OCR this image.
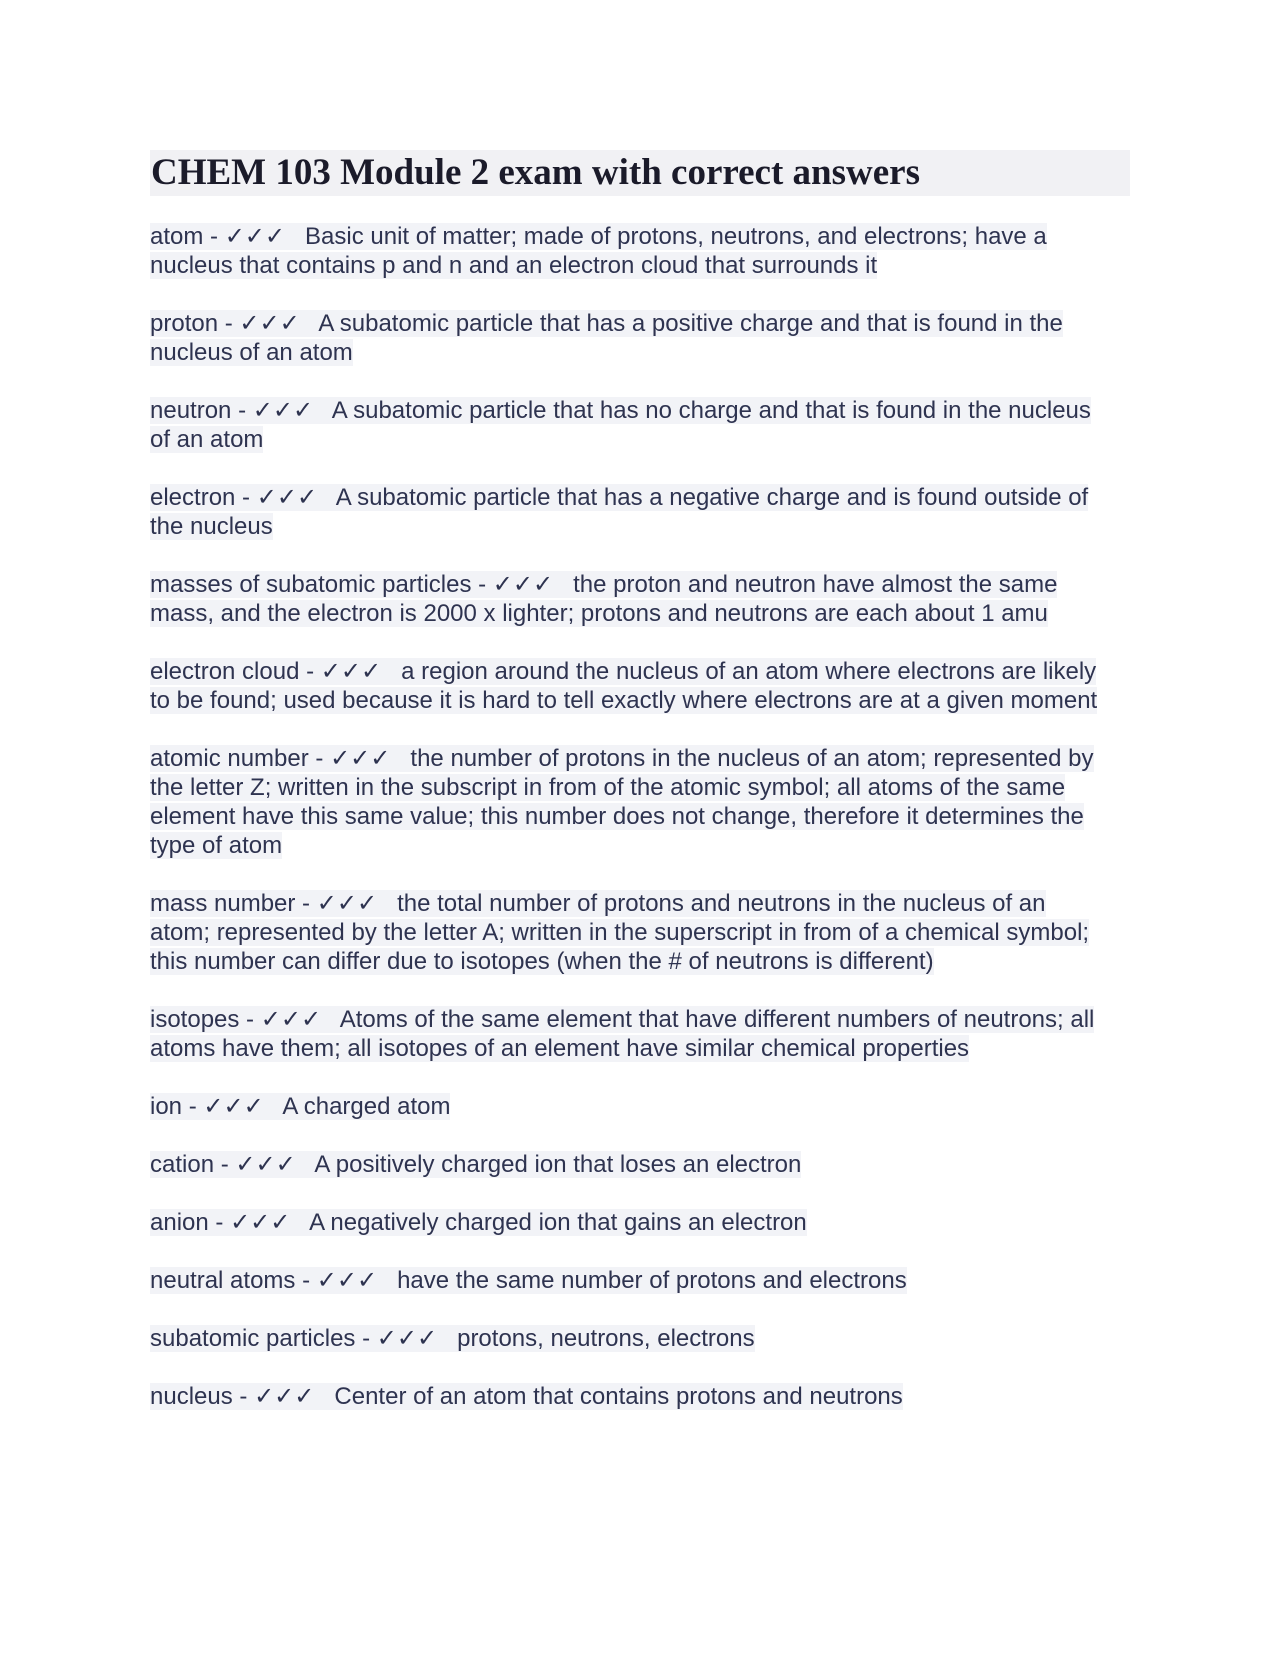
CHEM 103 Module 2 exam with correct answers
atom - ✓✓✓   Basic unit of matter; made of protons, neutrons, and electrons; have a nucleus that contains p and n and an electron cloud that surrounds it
proton - ✓✓✓   A subatomic particle that has a positive charge and that is found in the nucleus of an atom
neutron - ✓✓✓   A subatomic particle that has no charge and that is found in the nucleus of an atom
electron - ✓✓✓   A subatomic particle that has a negative charge and is found outside of the nucleus
masses of subatomic particles - ✓✓✓   the proton and neutron have almost the same mass, and the electron is 2000 x lighter; protons and neutrons are each about 1 amu
electron cloud - ✓✓✓   a region around the nucleus of an atom where electrons are likely to be found; used because it is hard to tell exactly where electrons are at a given moment
atomic number - ✓✓✓   the number of protons in the nucleus of an atom; represented by the letter Z; written in the subscript in from of the atomic symbol; all atoms of the same element have this same value; this number does not change, therefore it determines the type of atom
mass number - ✓✓✓   the total number of protons and neutrons in the nucleus of an atom; represented by the letter A; written in the superscript in from of a chemical symbol; this number can differ due to isotopes (when the # of neutrons is different)
isotopes - ✓✓✓   Atoms of the same element that have different numbers of neutrons; all atoms have them; all isotopes of an element have similar chemical properties
ion - ✓✓✓   A charged atom
cation - ✓✓✓   A positively charged ion that loses an electron
anion - ✓✓✓   A negatively charged ion that gains an electron
neutral atoms - ✓✓✓   have the same number of protons and electrons
subatomic particles - ✓✓✓   protons, neutrons, electrons
nucleus - ✓✓✓   Center of an atom that contains protons and neutrons
